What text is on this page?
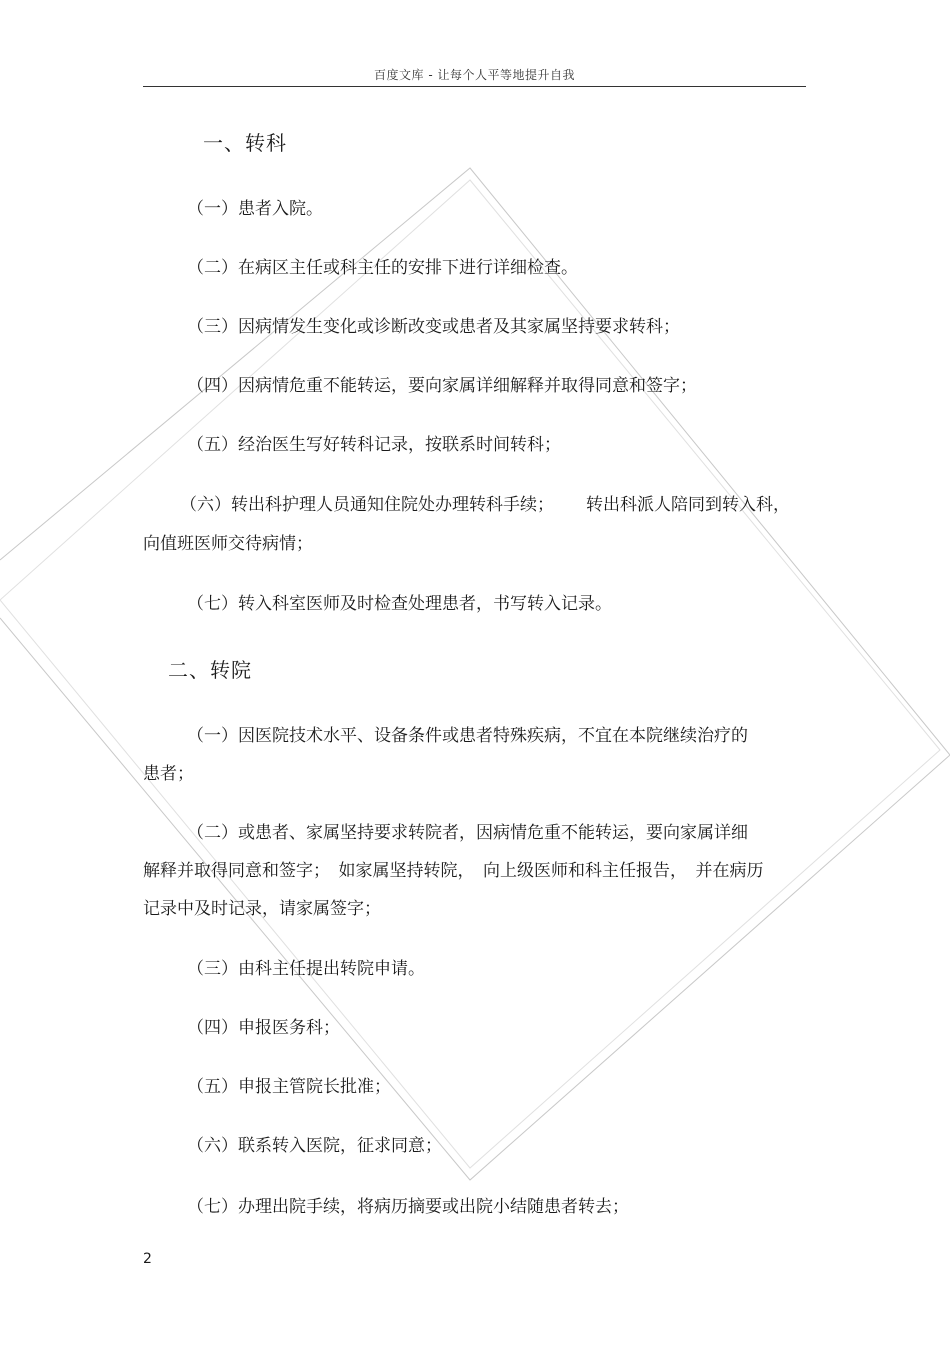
百度文库 - 让每个人平等地提升自我
一、转科
（一）患者入院。
（二）在病区主任或科主任的安排下进行详细检查。
（三）因病情发生变化或诊断改变或患者及其家属坚持要求转科；
（四）因病情危重不能转运，要向家属详细解释并取得同意和签字；
（五）经治医生写好转科记录，按联系时间转科；
（六）转出科护理人员通知住院处办理转科手续； 转出科派人陪同到转入科，
向值班医师交待病情；
（七）转入科室医师及时检查处理患者，书写转入记录。
二、转院
（一）因医院技术水平、设备条件或患者特殊疾病，不宜在本院继续治疗的
患者；
（二）或患者、家属坚持要求转院者，因病情危重不能转运，要向家属详细
解释并取得同意和签字；　如家属坚持转院，　向上级医师和科主任报告，　并在病历
记录中及时记录，请家属签字；
（三）由科主任提出转院申请。
（四）申报医务科；
（五）申报主管院长批准；
（六）联系转入医院，征求同意；
（七）办理出院手续，将病历摘要或出院小结随患者转去；
2
